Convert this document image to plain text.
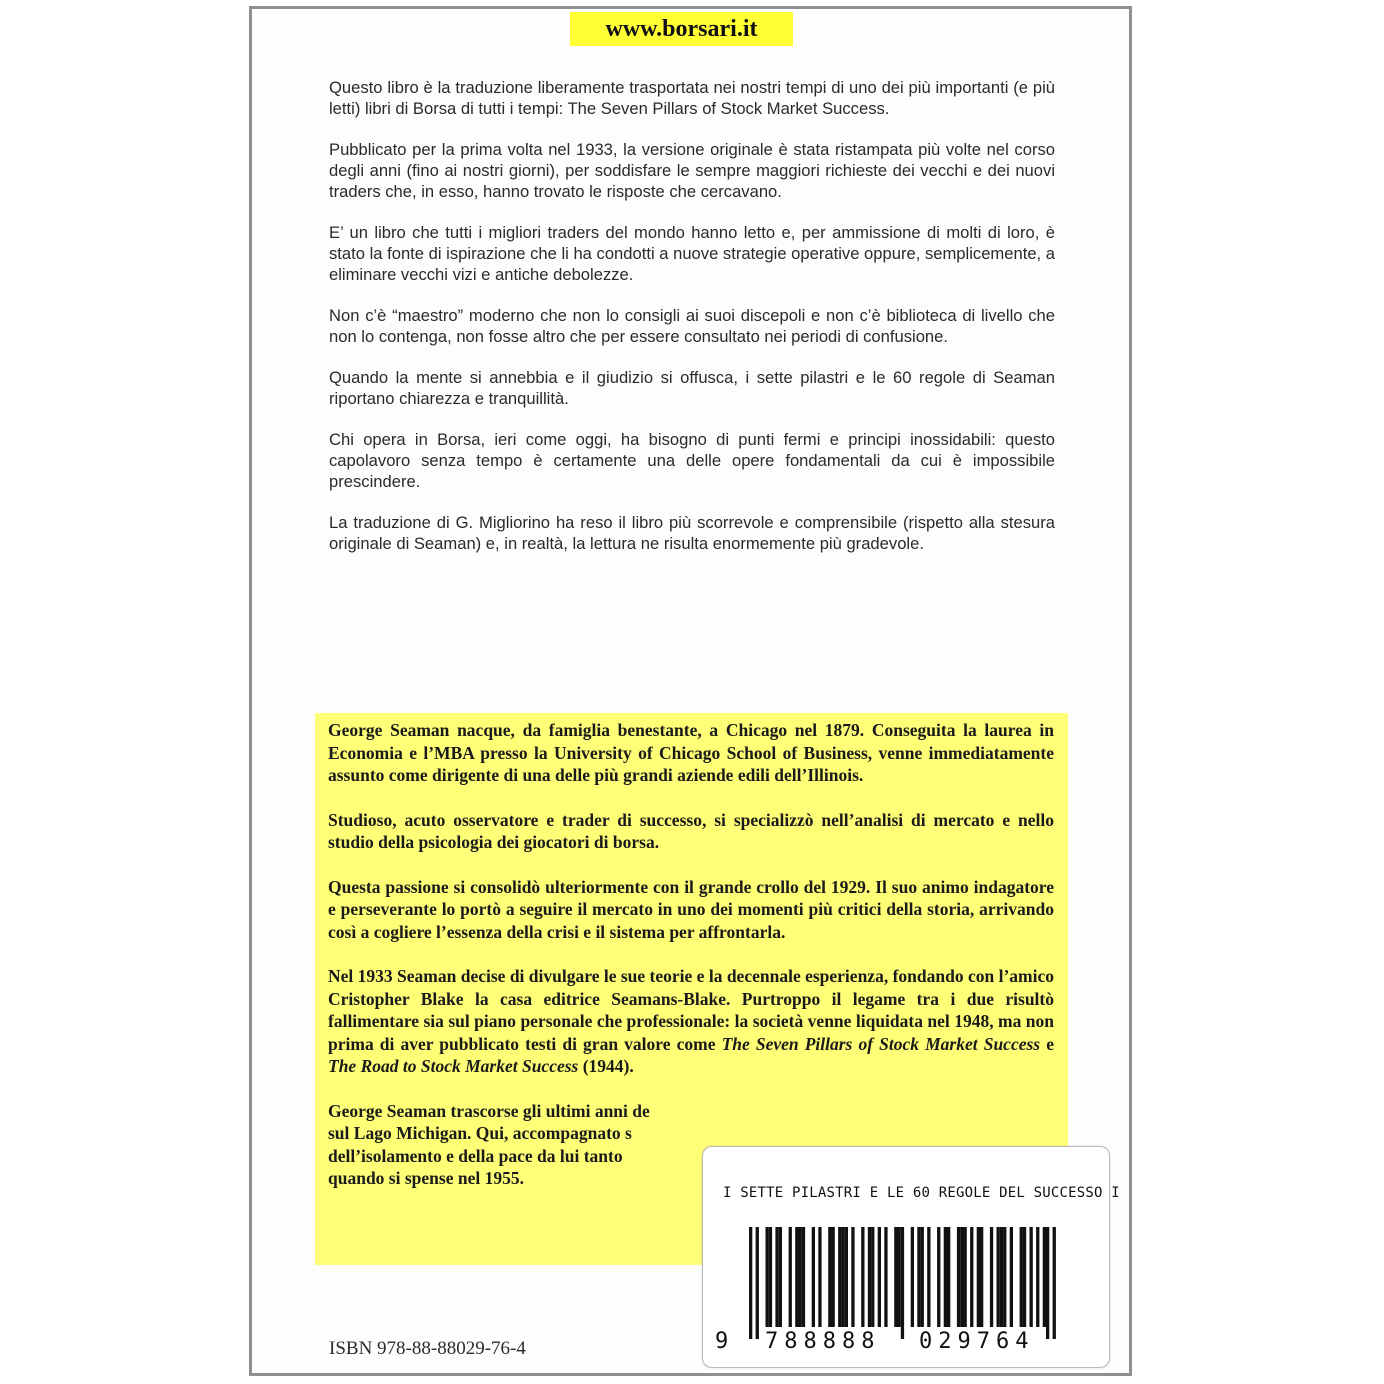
www.borsari.it

Questo libro è la traduzione liberamente trasportata nei nostri tempi di uno dei più importanti (e più letti) libri di Borsa di tutti i tempi: The Seven Pillars of Stock Market Success.

Pubblicato per la prima volta nel 1933, la versione originale è stata ristampata più volte nel corso degli anni (fino ai nostri giorni), per soddisfare le sempre maggiori richieste dei vecchi e dei nuovi traders che, in esso, hanno trovato le risposte che cercavano.

E’ un libro che tutti i migliori traders del mondo hanno letto e, per ammissione di molti di loro, è stato la fonte di ispirazione che li ha condotti a nuove strategie operative oppure, semplicemente, a eliminare vecchi vizi e antiche debolezze.

Non c’è “maestro” moderno che non lo consigli ai suoi discepoli e non c’è biblioteca di livello che non lo contenga, non fosse altro che per essere consultato nei periodi di confusione.

Quando la mente si annebbia e il giudizio si offusca, i sette pilastri e le 60 regole di Seaman riportano chiarezza e tranquillità.

Chi opera in Borsa, ieri come oggi, ha bisogno di punti fermi e principi inossidabili: questo capolavoro senza tempo è certamente una delle opere fondamentali da cui è impossibile prescindere.

La traduzione di G. Migliorino ha reso il libro più scorrevole e comprensibile (rispetto alla stesura originale di Seaman) e, in realtà, la lettura ne risulta enormemente più gradevole.

George Seaman nacque, da famiglia benestante, a Chicago nel 1879. Conseguita la laurea in Economia e l’MBA presso la University of Chicago School of Business, venne immediatamente assunto come dirigente di una delle più grandi aziende edili dell’Illinois.

Studioso, acuto osservatore e trader di successo, si specializzò nell’analisi di mercato e nello studio della psicologia dei giocatori di borsa.

Questa passione si consolidò ulteriormente con il grande crollo del 1929. Il suo animo indagatore e perseverante lo portò a seguire il mercato in uno dei momenti più critici della storia, arrivando così a cogliere l’essenza della crisi e il sistema per affrontarla.

Nel 1933 Seaman decise di divulgare le sue teorie e la decennale esperienza, fondando con l’amico Cristopher Blake la casa editrice Seamans-Blake. Purtroppo il legame tra i due risultò fallimentare sia sul piano personale che professionale: la società venne liquidata nel 1948, ma non prima di aver pubblicato testi di gran valore come The Seven Pillars of Stock Market Success e The Road to Stock Market Success (1944).

George Seaman trascorse gli ultimi anni de
sul Lago Michigan. Qui, accompagnato s
dell’isolamento e della pace da lui tanto
quando si spense nel 1955.

ISBN 978-88-88029-76-4
I SETTE PILASTRI E LE 60 REGOLE DEL SUCCESSO I
9 788888 029764
